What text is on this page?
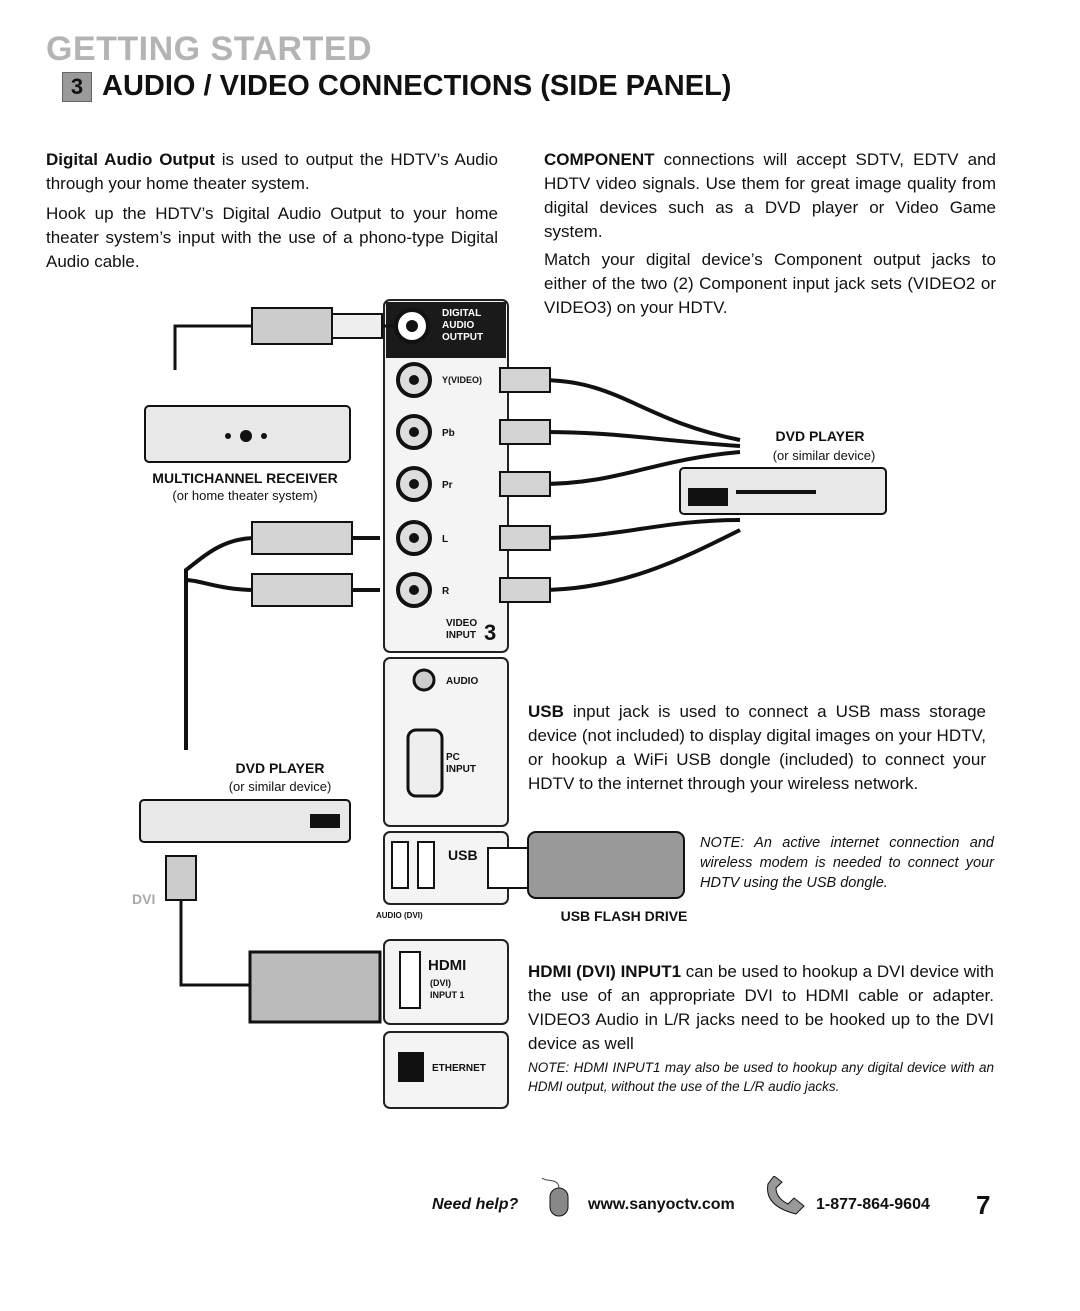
GETTING STARTED
3 AUDIO / VIDEO CONNECTIONS (SIDE PANEL)
Digital Audio Output is used to output the HDTV’s Audio through your home theater system.
Hook up the HDTV’s Digital Audio Output to your home theater system’s input with the use of a phono-type Digital Audio cable.
COMPONENT connections will accept SDTV, EDTV and HDTV video signals. Use them for great image quality from digital devices such as a DVD player or Video Game system.
Match your digital device’s Component output jacks to either of the two (2) Component input jack sets (VIDEO2 or VIDEO3) on your HDTV.
USB input jack is used to connect a USB mass storage device (not included) to display digital images on your HDTV, or hookup a WiFi USB dongle (included) to connect your HDTV to the internet through your wireless network.
NOTE: An active internet connection and wireless modem is needed to connect your HDTV using the USB dongle.
HDMI (DVI) INPUT1 can be used to hookup a DVI device with the use of an appropriate DVI to HDMI cable or adapter. VIDEO3 Audio in L/R jacks need to be hooked up to the DVI device as well
NOTE: HDMI INPUT1 may also be used to hookup any digital device with an HDMI output, without the use of the L/R audio jacks.
DIGITAL
AUDIO
OUTPUT
Y(VIDEO)
Pb
Pr
L
R
VIDEO
INPUT 3
AUDIO
PC
INPUT
USB
AUDIO (DVI)
HDMI
(DVI)
INPUT 1
ETHERNET
MULTICHANNEL RECEIVER
(or home theater system)
DVD PLAYER
(or similar device)
DVD PLAYER
(or similar device)
USB FLASH DRIVE
DVI
Need help?	www.sanyoctv.com	1-877-864-9604 7
